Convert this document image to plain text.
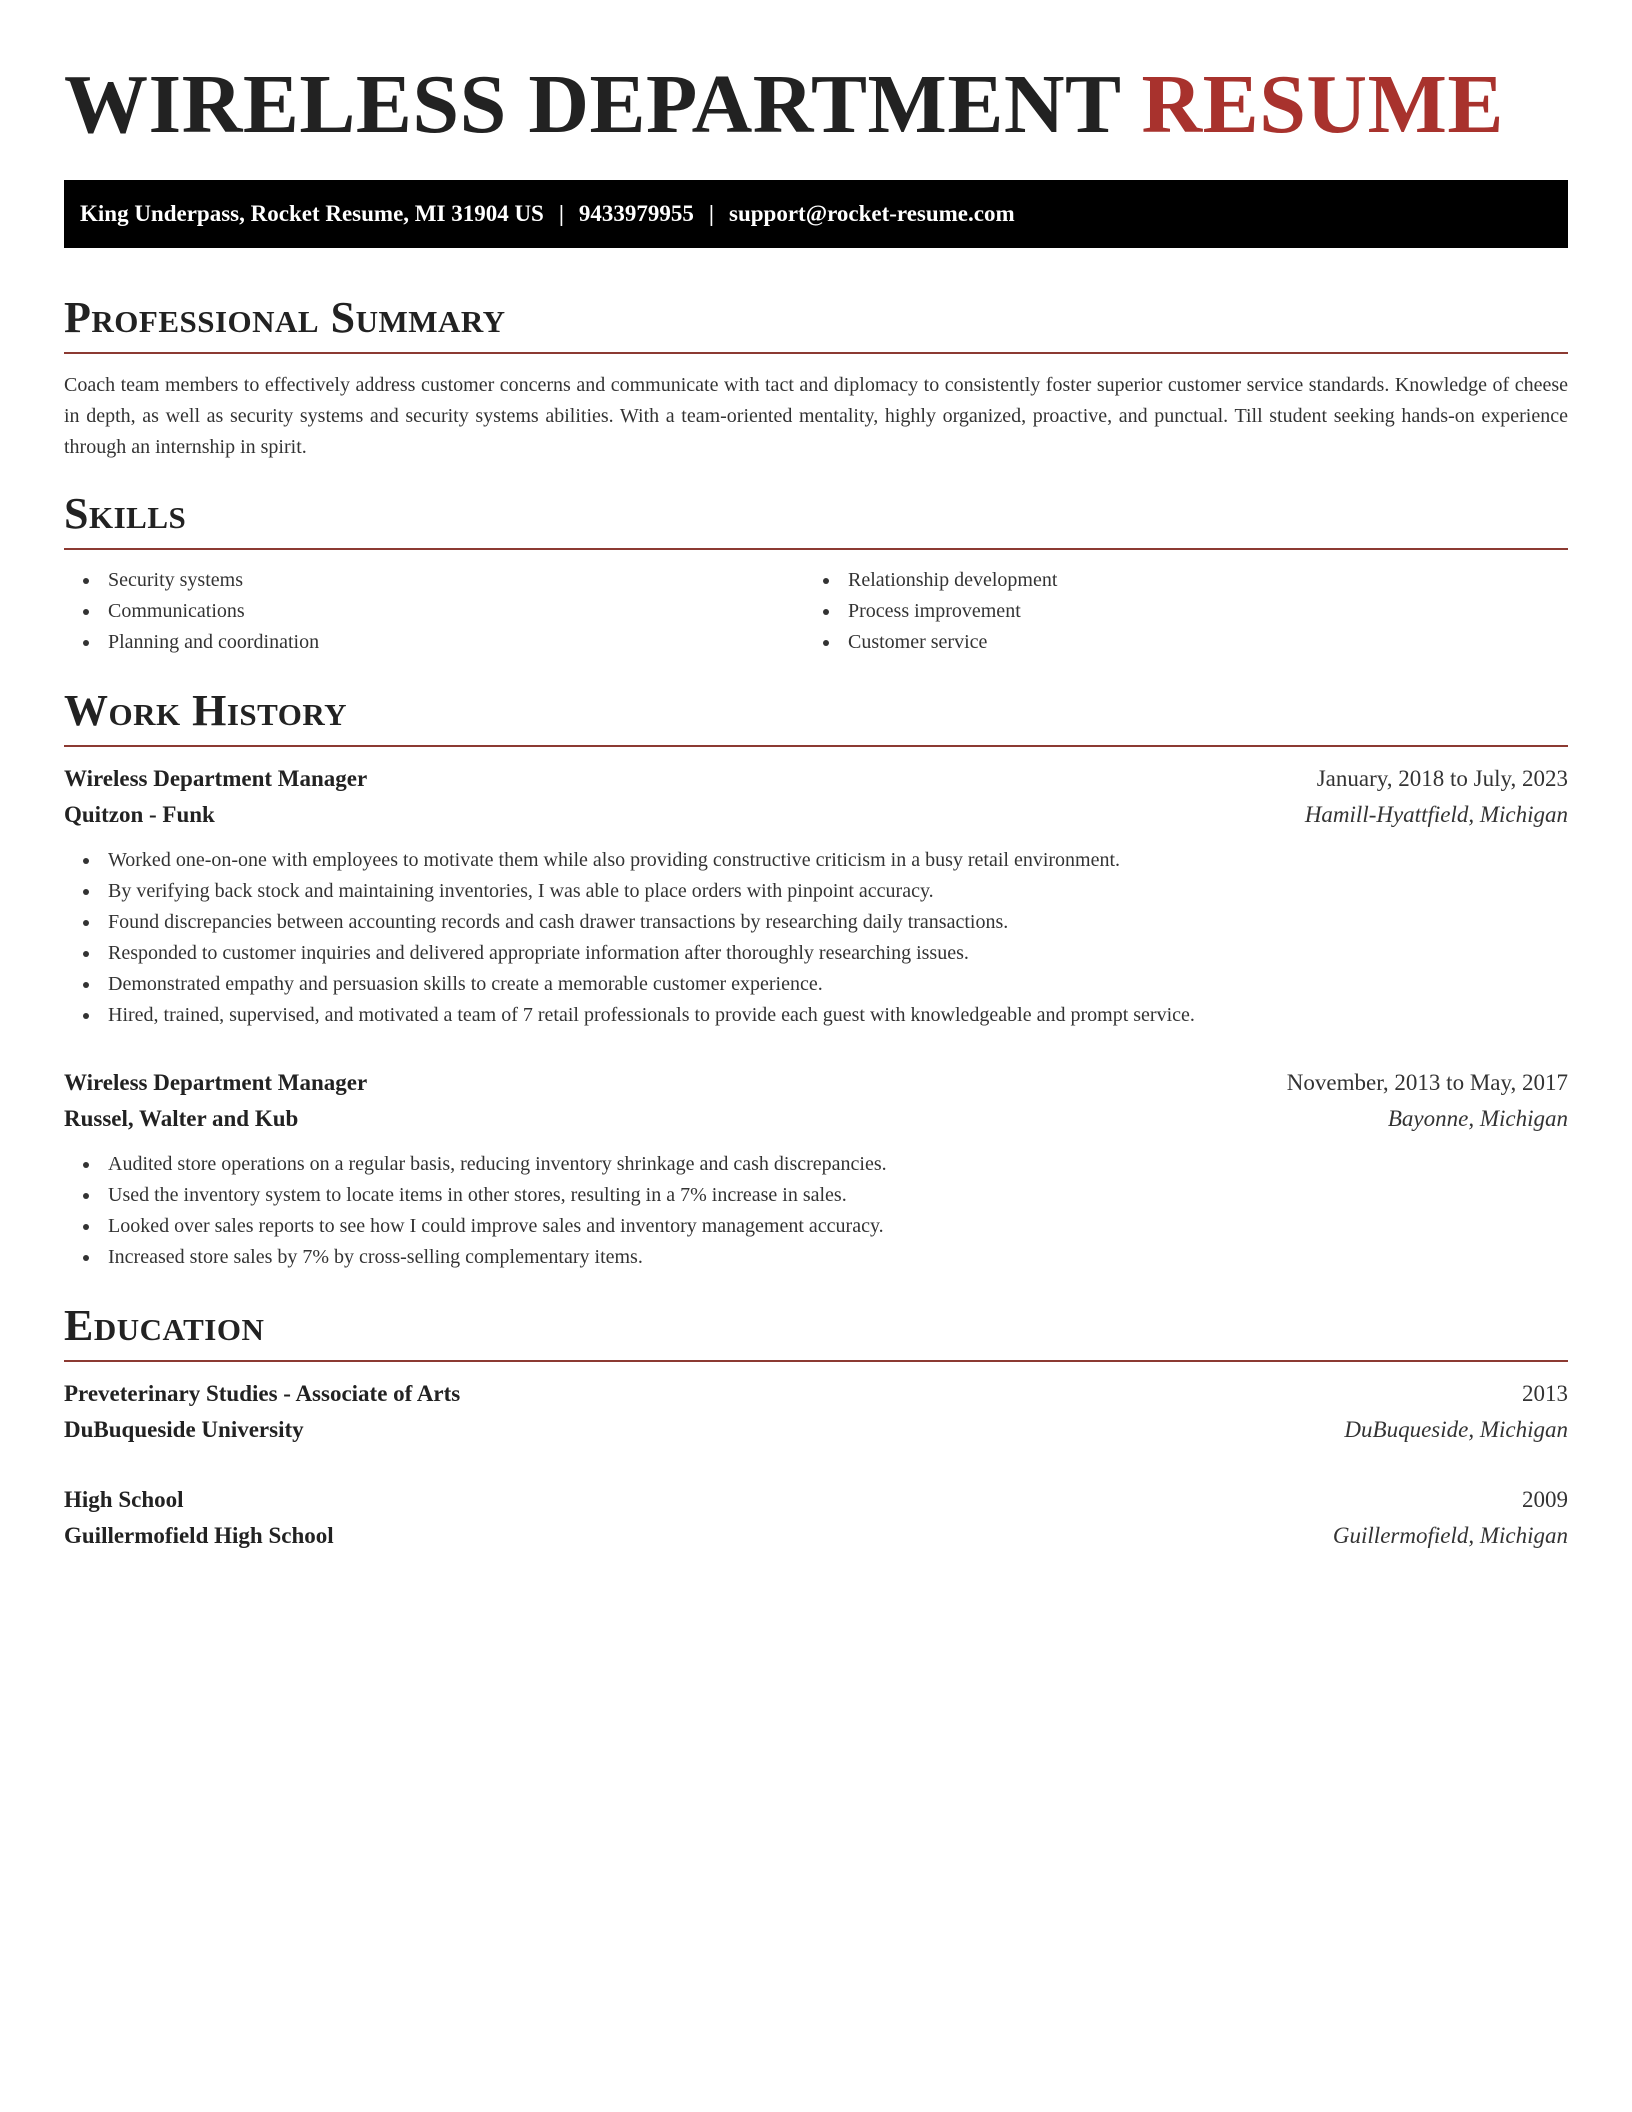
WIRELESS DEPARTMENT RESUME
King Underpass, Rocket Resume, MI 31904 US | 9433979955 | support@rocket-resume.com
Professional Summary

Coach team members to effectively address customer concerns and communicate with tact and diplomacy to consistently foster superior customer service standards. Knowledge of cheese in depth, as well as security systems and security systems abilities. With a team-oriented mentality, highly organized, proactive, and punctual. Till student seeking hands-on experience through an internship in spirit.

Skills
Security systems
Communications
Planning and coordination
Relationship development
Process improvement
Customer service
Work History
Wireless Department Manager	January, 2018 to July, 2023
Quitzon - Funk	Hamill-Hyattfield, Michigan
Worked one-on-one with employees to motivate them while also providing constructive criticism in a busy retail environment.
By verifying back stock and maintaining inventories, I was able to place orders with pinpoint accuracy.
Found discrepancies between accounting records and cash drawer transactions by researching daily transactions.
Responded to customer inquiries and delivered appropriate information after thoroughly researching issues.
Demonstrated empathy and persuasion skills to create a memorable customer experience.
Hired, trained, supervised, and motivated a team of 7 retail professionals to provide each guest with knowledgeable and prompt service.
Wireless Department Manager	November, 2013 to May, 2017
Russel, Walter and Kub	Bayonne, Michigan
Audited store operations on a regular basis, reducing inventory shrinkage and cash discrepancies.
Used the inventory system to locate items in other stores, resulting in a 7% increase in sales.
Looked over sales reports to see how I could improve sales and inventory management accuracy.
Increased store sales by 7% by cross-selling complementary items.
Education
Preveterinary Studies - Associate of Arts	2013
DuBuqueside University	DuBuqueside, Michigan
High School	2009
Guillermofield High School	Guillermofield, Michigan
